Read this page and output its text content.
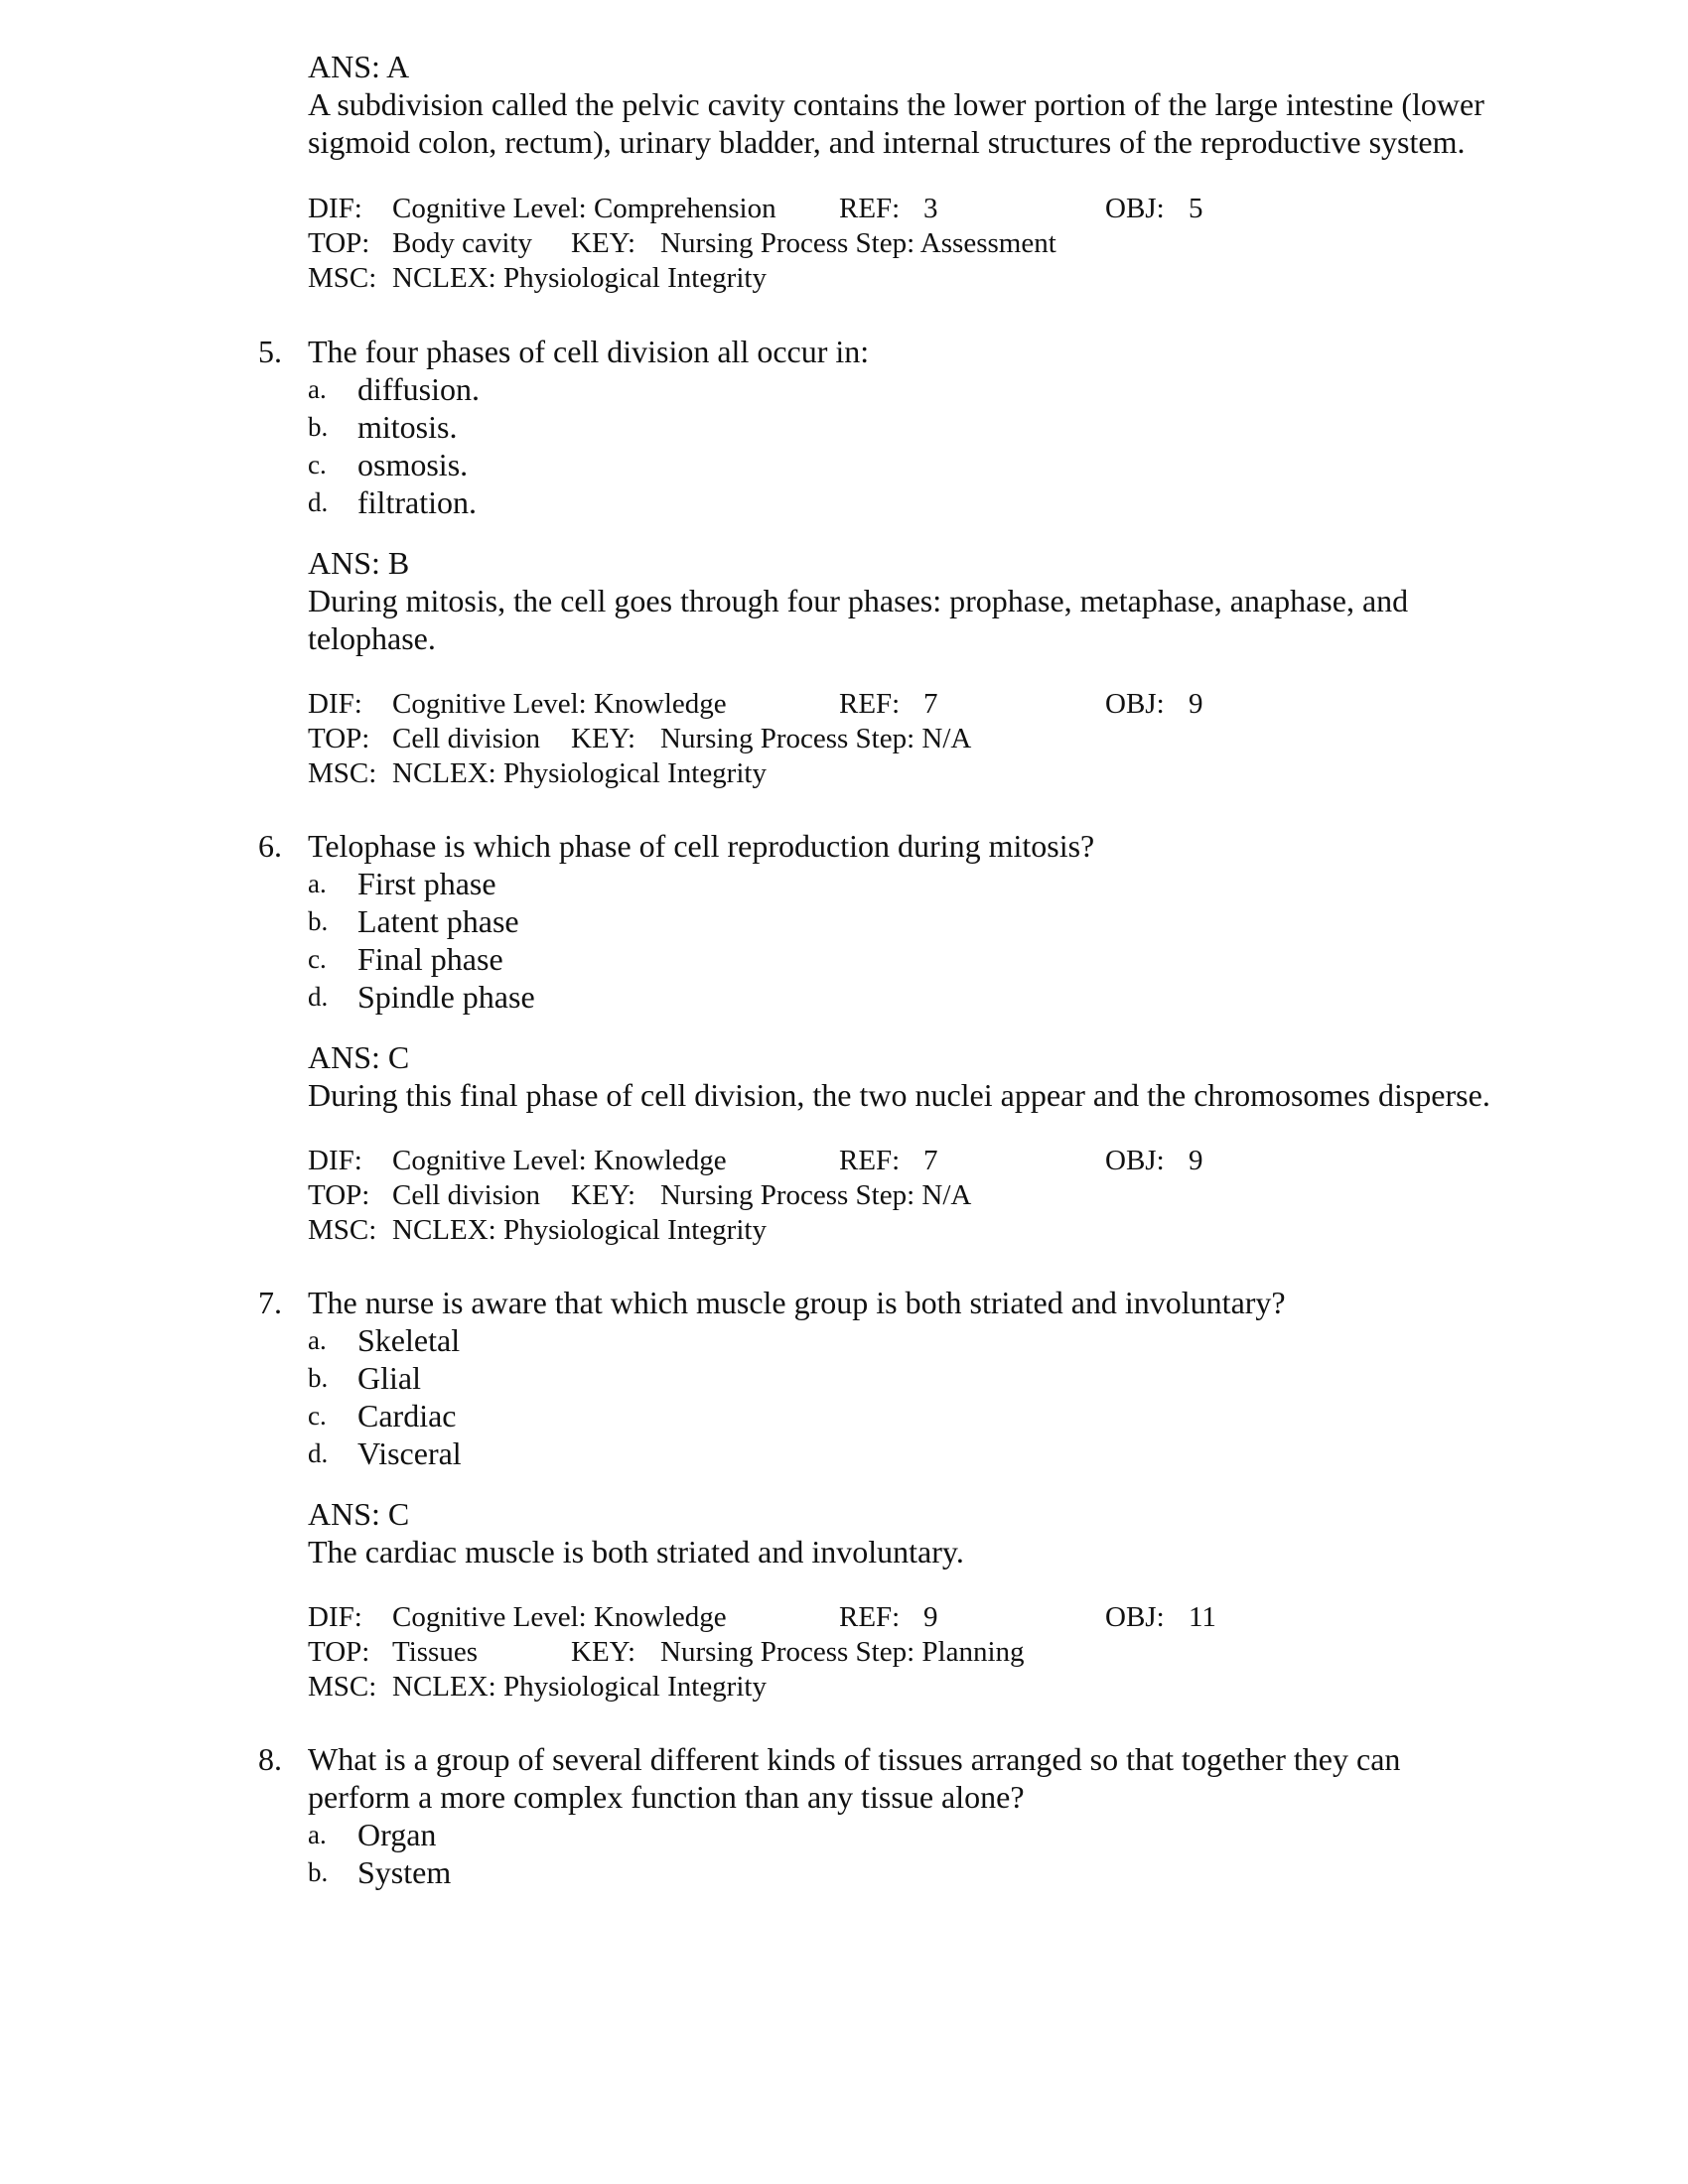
ANS: A
A subdivision called the pelvic cavity contains the lower portion of the large intestine (lower
sigmoid colon, rectum), urinary bladder, and internal structures of the reproductive system.
DIF: Cognitive Level: Comprehension REF: 3	OBJ: 5
TOP: Body cavity KEY: Nursing Process Step: Assessment
MSC: NCLEX: Physiological Integrity
5. The four phases of cell division all occur in:
a. diffusion.
b. mitosis.
c. osmosis.
d. filtration.
ANS: B
During mitosis, the cell goes through four phases: prophase, metaphase, anaphase, and
telophase.
DIF: Cognitive Level: Knowledge	REF: 7	OBJ: 9
TOP: Cell division KEY: Nursing Process Step: N/A
MSC: NCLEX: Physiological Integrity
6. Telophase is which phase of cell reproduction during mitosis?
a. First phase
b. Latent phase
c. Final phase
d. Spindle phase
ANS: C
During this final phase of cell division, the two nuclei appear and the chromosomes disperse.
DIF: Cognitive Level: Knowledge	REF: 7	OBJ: 9
TOP: Cell division KEY: Nursing Process Step: N/A
MSC: NCLEX: Physiological Integrity
7. The nurse is aware that which muscle group is both striated and involuntary?
a. Skeletal
b. Glial
c. Cardiac
d. Visceral
ANS: C
The cardiac muscle is both striated and involuntary.
DIF: Cognitive Level: Knowledge	REF: 9	OBJ: 11
TOP: Tissues	KEY: Nursing Process Step: Planning
MSC: NCLEX: Physiological Integrity
8. What is a group of several different kinds of tissues arranged so that together they can
perform a more complex function than any tissue alone?
a. Organ
b. System
